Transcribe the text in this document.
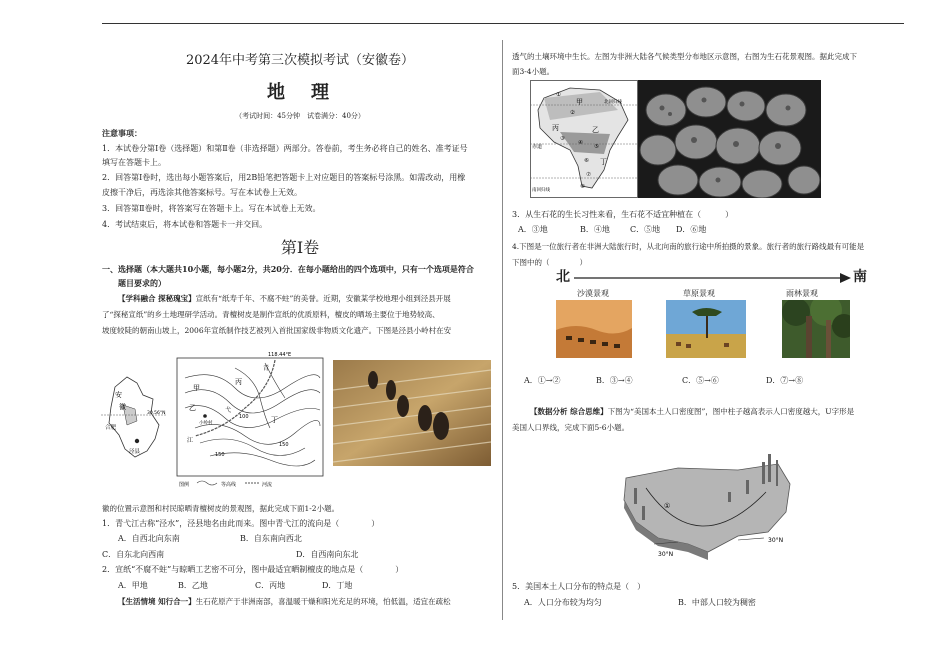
2024年中考第三次模拟考试（安徽卷）
地　理
（考试时间：45分钟　试卷满分：40分）
注意事项：
1．本试卷分第Ⅰ卷（选择题）和第Ⅱ卷（非选择题）两部分。答卷前，考生务必将自己的姓名、准考证号
填写在答题卡上。
2．回答第Ⅰ卷时，选出每小题答案后，用2B铅笔把答题卡上对应题目的答案标号涂黑。如需改动，用橡
皮擦干净后，再选涂其他答案标号。写在本试卷上无效。
3．回答第Ⅱ卷时，将答案写在答题卡上。写在本试卷上无效。
4．考试结束后，将本试卷和答题卡一并交回。
第Ⅰ卷
一、选择题（本大题共10小题，每小题2分，共20分．在每小题给出的四个选项中，只有一个选项是符合
题目要求的）
【学科融合 探秘瑰宝】宣纸有“纸寿千年、不腐不蛀”的美誉。近期，安徽某学校地理小组到泾县开展
了“探秘宣纸”的乡土地理研学活动。青檀树皮是制作宣纸的优质原料，檀皮的晒场主要位于地势较高、
坡度较陡的朝南山坡上，2006年宣纸制作技艺被列入首批国家级非物质文化遗产。下图是泾县小岭村在安
安
徽
泾县
合肥
30.56°N
118.44°E
甲
乙
丙
丁
青
弋
江
小岭村
100
150
150
图例	等高线	河流
徽的位置示意图和村民晾晒青檀树皮的景观图，据此完成下面1-2小题。
1．青弋江古称“泾水”，泾县地名由此而来。图中青弋江的流向是（　　　　）
A．自西北向东南	B．自东南向西北
C．自东北向西南	D．自西南向东北
2．宣纸“不腐不蛀”与晾晒工艺密不可分，图中最适宜晒制檀皮的地点是（　　　　）
A．甲地	B．乙地	C．丙地	D．丁地
【生活情境 知行合一】生石花原产于非洲南部，喜温暖干燥和阳光充足的环境，怕低温，适宜在疏松
透气的土壤环境中生长。左图为非洲大陆各气候类型分布地区示意图，右图为生石花景观图。据此完成下
面3-4小题。
北回归线
赤道
南回归线
甲
乙
丙
丁
①
②
③
④
⑤
⑥
⑦
⑧
3．从生石花的生长习性来看，生石花不适宜种植在（　　　）
A．③地	B．④地	C．⑤地 D．⑥地
4.下图是一位旅行者在非洲大陆旅行时，从北向南的旅行途中所拍摄的景象。旅行者的旅行路线最有可能是
下图中的（　　　　）
北	南
沙漠景观	草原景观	雨林景观
A．①→②	B．③→④	C．⑤→⑥	D．⑦→⑧
【数据分析 综合思维】下图为“美国本土人口密度图”，图中柱子越高表示人口密度越大，U字形是
美国人口界线，完成下面5-6小题。
30°N
30°N
①
5．美国本土人口分布的特点是（　）
A．人口分布较为均匀	B．中部人口较为稠密
